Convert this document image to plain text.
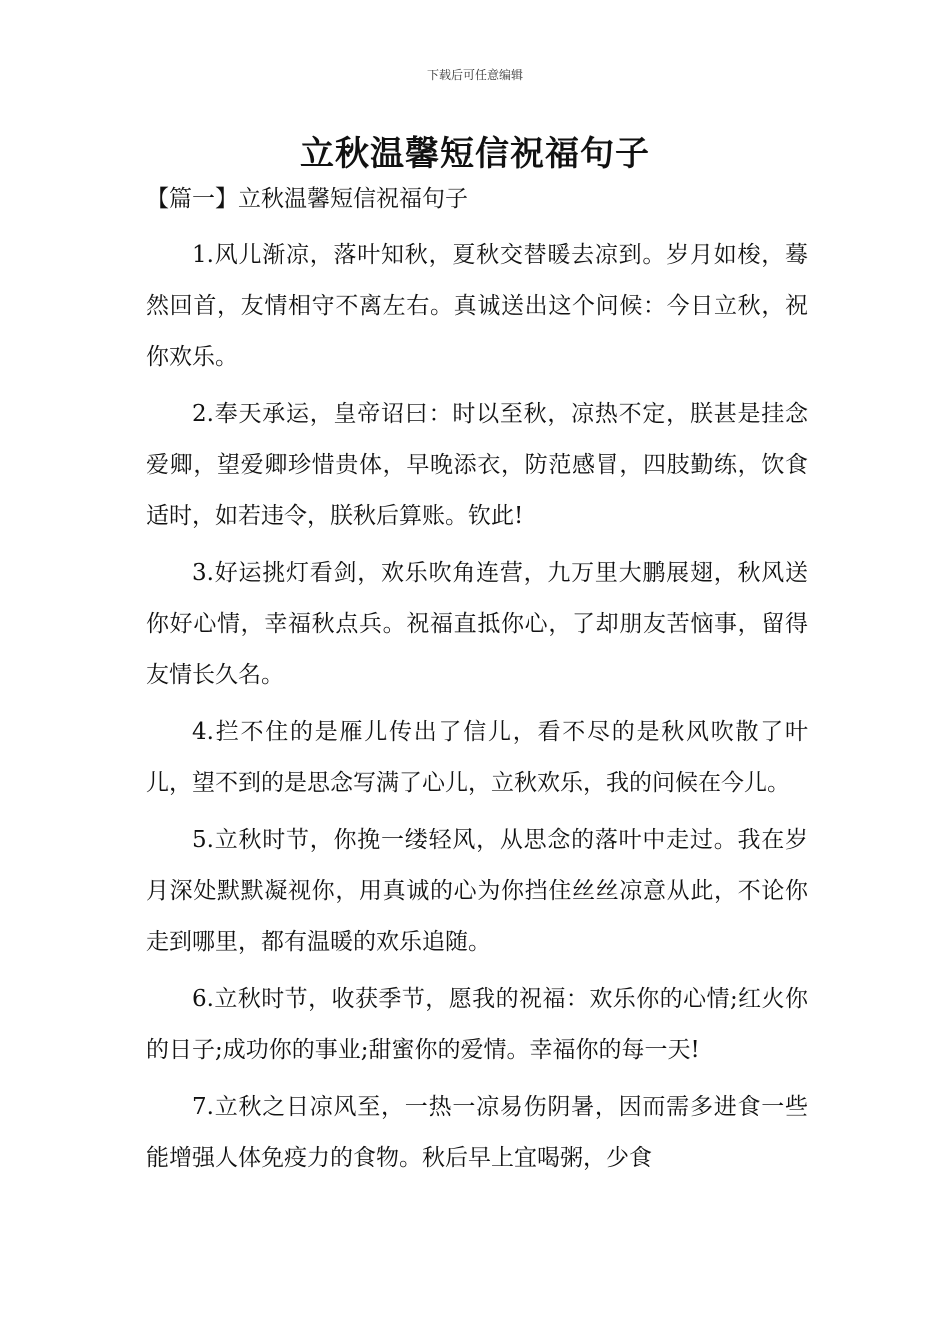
下载后可任意编辑
立秋温馨短信祝福句子
【篇一】立秋温馨短信祝福句子

1.风儿渐凉，落叶知秋，夏秋交替暖去凉到。岁月如梭，蓦然回首，友情相守不离左右。真诚送出这个问候：今日立秋，祝你欢乐。

2.奉天承运，皇帝诏曰：时以至秋，凉热不定，朕甚是挂念爱卿，望爱卿珍惜贵体，早晚添衣，防范感冒，四肢勤练，饮食适时，如若违令，朕秋后算账。钦此!

3.好运挑灯看剑，欢乐吹角连营，九万里大鹏展翅，秋风送你好心情，幸福秋点兵。祝福直抵你心，了却朋友苦恼事，留得友情长久名。

4.拦不住的是雁儿传出了信儿，看不尽的是秋风吹散了叶儿，望不到的是思念写满了心儿，立秋欢乐，我的问候在今儿。

5.立秋时节，你挽一缕轻风，从思念的落叶中走过。我在岁月深处默默凝视你，用真诚的心为你挡住丝丝凉意从此，不论你走到哪里，都有温暖的欢乐追随。

6.立秋时节，收获季节，愿我的祝福：欢乐你的心情;红火你的日子;成功你的事业;甜蜜你的爱情。幸福你的每一天!

7.立秋之日凉风至，一热一凉易伤阴暑，因而需多进食一些能增强人体免疫力的食物。秋后早上宜喝粥，少食
